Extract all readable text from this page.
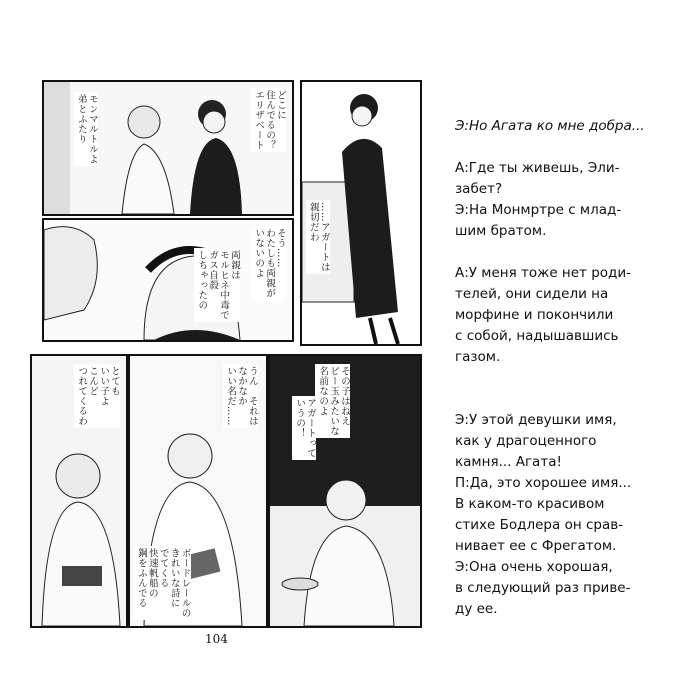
どこに
住んでるの？
エリザベート
モンマルトルよ
弟とふたり
そう……
わたしも両親が
いないのよ
両親は
モルヒネ中毒で
ガス自殺
しちゃったの
……アガートは
親切だわ
とても
いい子よ
こんど
つれてくるわ	うん　それは
なかなか
いい名だ……
ボードレールの
きれいな詩に
でてくる
快速帆船の
鋼をふんでる
その子はねえ
ビー玉みたいな
名前なのよ
アガートって
いうの！
104

Э:Но Агата ко мне добра...

А:Где ты живешь, Эли-

забет?

Э:На Монмртре с млад-

шим братом.

А:У меня тоже нет роди-

телей, они сидели на

морфине и покончили

с собой, надышавшись

газом.

Э:У этой девушки имя,

как у драгоценного

камня... Агата!

П:Да, это хорошее имя...

В каком-то красивом

стихе Бодлера он срав-

нивает ее с Фрегатом.

Э:Она очень хорошая,

в следующий раз приве-

ду ее.
